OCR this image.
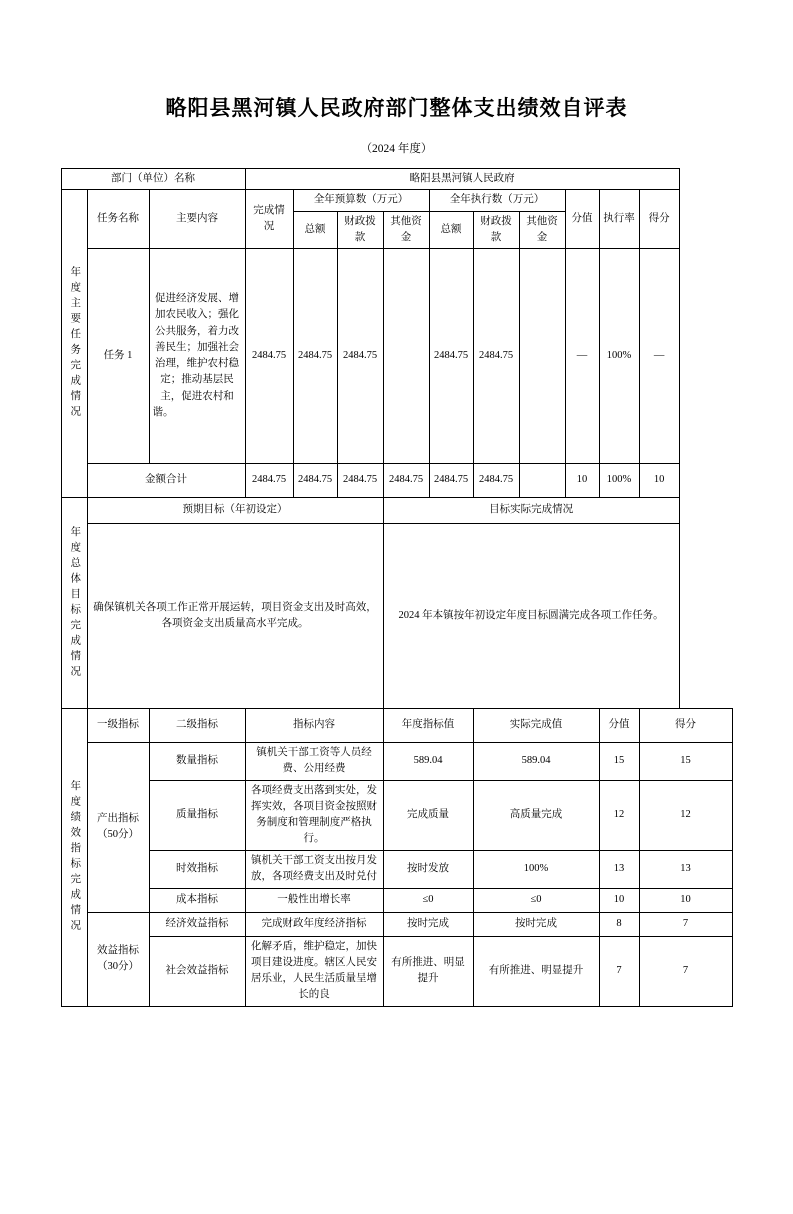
略阳县黑河镇人民政府部门整体支出绩效自评表
（2024 年度）
部门（单位）名称			略阳县黑河镇人民政府									

年度主要任务完成情况	任务名称	主要内容	完成情况	全年预算数（万元）			全年执行数（万元）			分值	执行率	得分
				总额	财政拨款	其他资金	总额	财政拨款	其他资金			
	任务 1	促进经济发展、增加农民收入；强化公共服务，着力改善民生；加强社会治理，维护农村稳定；推动基层民主，促进农村和谐。	2484.75	2484.75	2484.75		2484.75	2484.75		—	100%	—
	金额合计		2484.75	2484.75	2484.75	2484.75	2484.75	2484.75		10	100%	10

年度总体目标完成情况	预期目标（年初设定）					目标实际完成情况						
	确保镇机关各项工作正常开展运转，项目资金支出及时高效，各项资金支出质量高水平完成。					2024 年本镇按年初设定年度目标圆满完成各项工作任务。						

年度绩效指标完成情况	一级指标	二级指标	指标内容			年度指标值		实际完成值			分值	得分
	产出指标（50分）	数量指标	镇机关干部工资等人员经费、公用经费			589.04		589.04			15	15
		质量指标	各项经费支出落到实处，发挥实效，各项目资金按照财务制度和管理制度严格执行。			完成质量		高质量完成			12	12
		时效指标	镇机关干部工资支出按月发放，各项经费支出及时兑付			按时发放		100%			13	13
		成本指标	一般性出增长率			≤0		≤0			10	10
	效益指标（30分）	经济效益指标	完成财政年度经济指标			按时完成		按时完成			8	7
		社会效益指标	化解矛盾，维护稳定，加快项目建设进度。辖区人民安居乐业，人民生活质量呈增长的良			有所推进、明显提升		有所推进、明显提升			7	7
